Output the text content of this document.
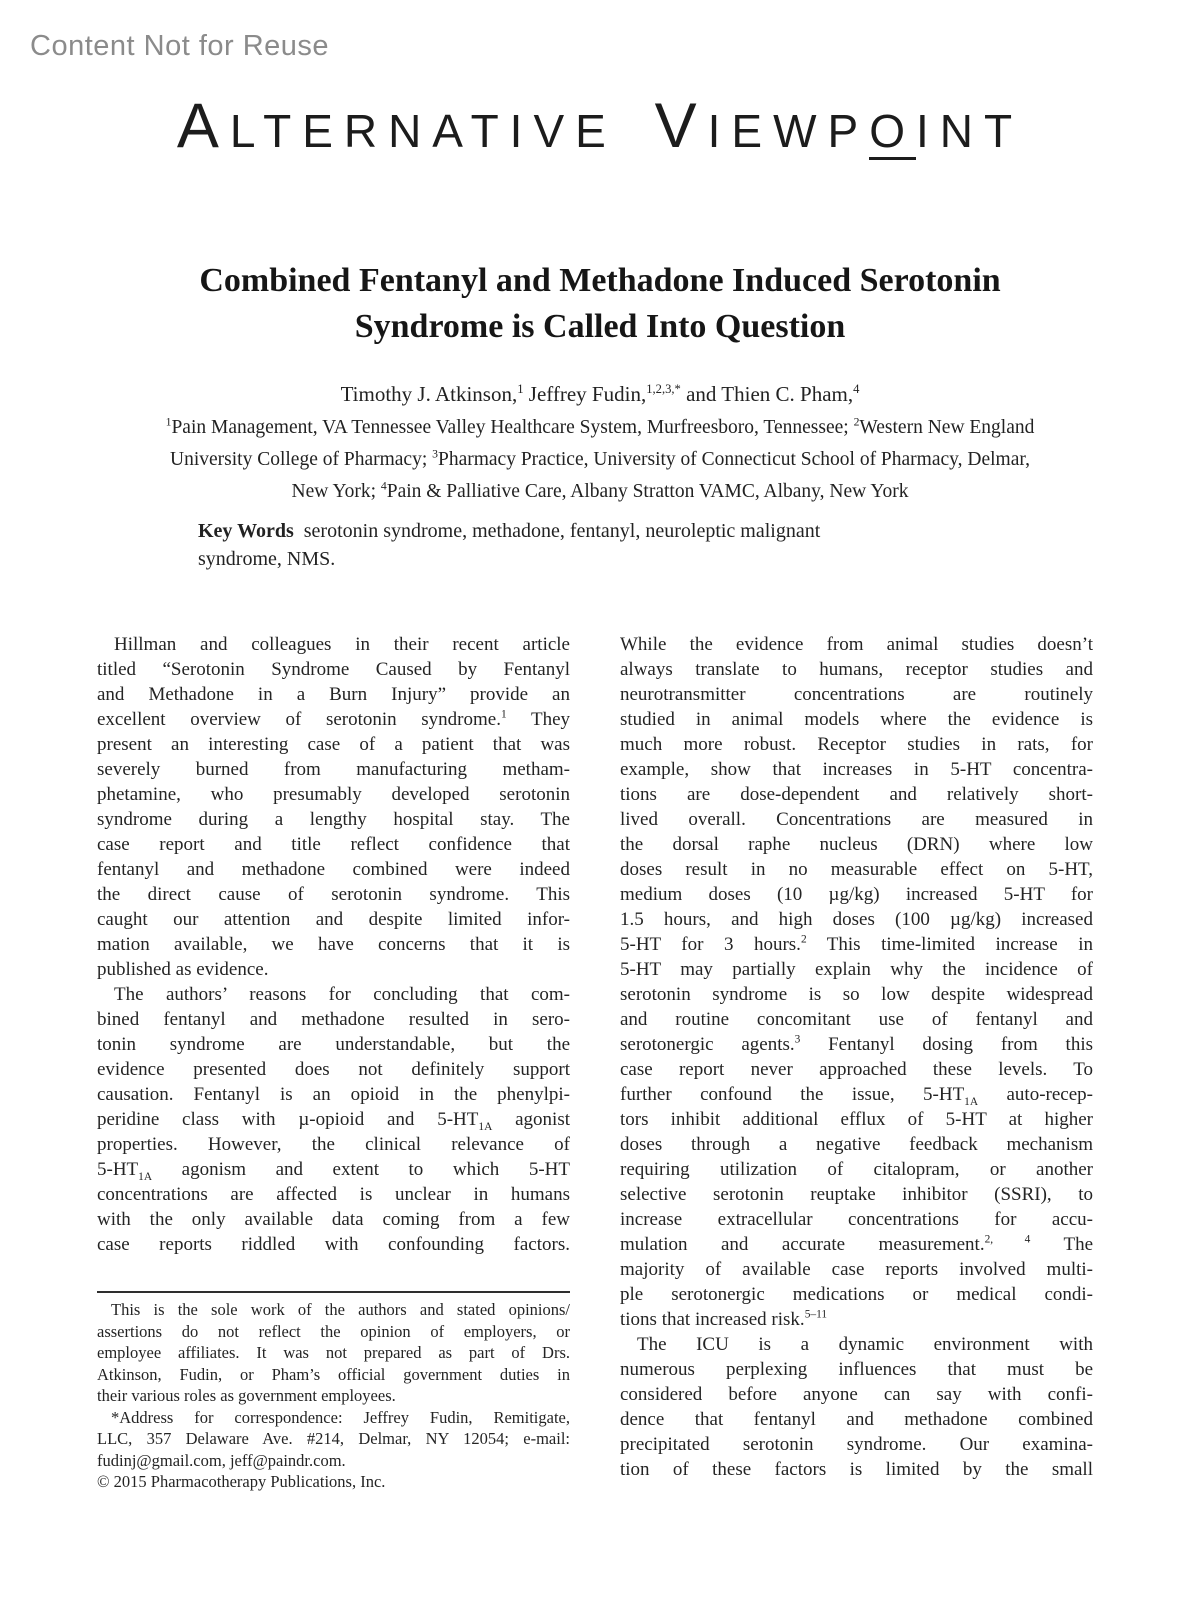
Content Not for Reuse
ALTERNATIVE VIEWPOINT
Combined Fentanyl and Methadone Induced Serotonin
Syndrome is Called Into Question
Timothy J. Atkinson,$^1$ Jeffrey Fudin,$^{1,2,3,*}$ and Thien C. Pham,$^4$
$^1$Pain Management, VA Tennessee Valley Healthcare System, Murfreesboro, Tennessee; $^2$Western New England
University College of Pharmacy; $^3$Pharmacy Practice, University of Connecticut School of Pharmacy, Delmar,
New York; $^4$Pain & Palliative Care, Albany Stratton VAMC, Albany, New York
Key Words  serotonin syndrome, methadone, fentanyl, neuroleptic malignant
syndrome, NMS.
Hillman and colleagues in their recent article
titled “Serotonin Syndrome Caused by Fentanyl
and Methadone in a Burn Injury” provide an
excellent overview of serotonin syndrome.$^1$ They
present an interesting case of a patient that was
severely burned from manufacturing metham-
phetamine, who presumably developed serotonin
syndrome during a lengthy hospital stay. The
case report and title reflect confidence that
fentanyl and methadone combined were indeed
the direct cause of serotonin syndrome. This
caught our attention and despite limited infor-
mation available, we have concerns that it is
published as evidence.
The authors’ reasons for concluding that com-
bined fentanyl and methadone resulted in sero-
tonin syndrome are understandable, but the
evidence presented does not definitely support
causation. Fentanyl is an opioid in the phenylpi-
peridine class with µ-opioid and $5-HT_{1A}$ agonist
properties. However, the clinical relevance of
$5-HT_{1A}$ agonism and extent to which 5-HT
concentrations are affected is unclear in humans
with the only available data coming from a few
case reports riddled with confounding factors.
While the evidence from animal studies doesn’t
always translate to humans, receptor studies and
neurotransmitter concentrations are routinely
studied in animal models where the evidence is
much more robust. Receptor studies in rats, for
example, show that increases in 5-HT concentra-
tions are dose-dependent and relatively short-
lived overall. Concentrations are measured in
the dorsal raphe nucleus (DRN) where low
doses result in no measurable effect on 5-HT,
medium doses (10 µg/kg) increased 5-HT for
1.5 hours, and high doses (100 µg/kg) increased
5-HT for 3 hours.$^2$ This time-limited increase in
5-HT may partially explain why the incidence of
serotonin syndrome is so low despite widespread
and routine concomitant use of fentanyl and
serotonergic agents.$^3$ Fentanyl dosing from this
case report never approached these levels. To
further confound the issue, $5-HT_{1A}$ auto-recep-
tors inhibit additional efflux of 5-HT at higher
doses through a negative feedback mechanism
requiring utilization of citalopram, or another
selective serotonin reuptake inhibitor (SSRI), to
increase extracellular concentrations for accu-
mulation and accurate measurement.$^{2, 4}$ The
majority of available case reports involved multi-
ple serotonergic medications or medical condi-
tions that increased risk.$^{5-11}$
The ICU is a dynamic environment with
numerous perplexing influences that must be
considered before anyone can say with confi-
dence that fentanyl and methadone combined
precipitated serotonin syndrome. Our examina-
tion of these factors is limited by the small
This is the sole work of the authors and stated opinions/
assertions do not reflect the opinion of employers, or
employee affiliates. It was not prepared as part of Drs.
Atkinson, Fudin, or Pham’s official government duties in
their various roles as government employees.
*Address for correspondence: Jeffrey Fudin, Remitigate,
LLC, 357 Delaware Ave. #214, Delmar, NY 12054; e-mail:
fudinj@gmail.com, jeff@paindr.com.
© 2015 Pharmacotherapy Publications, Inc.
